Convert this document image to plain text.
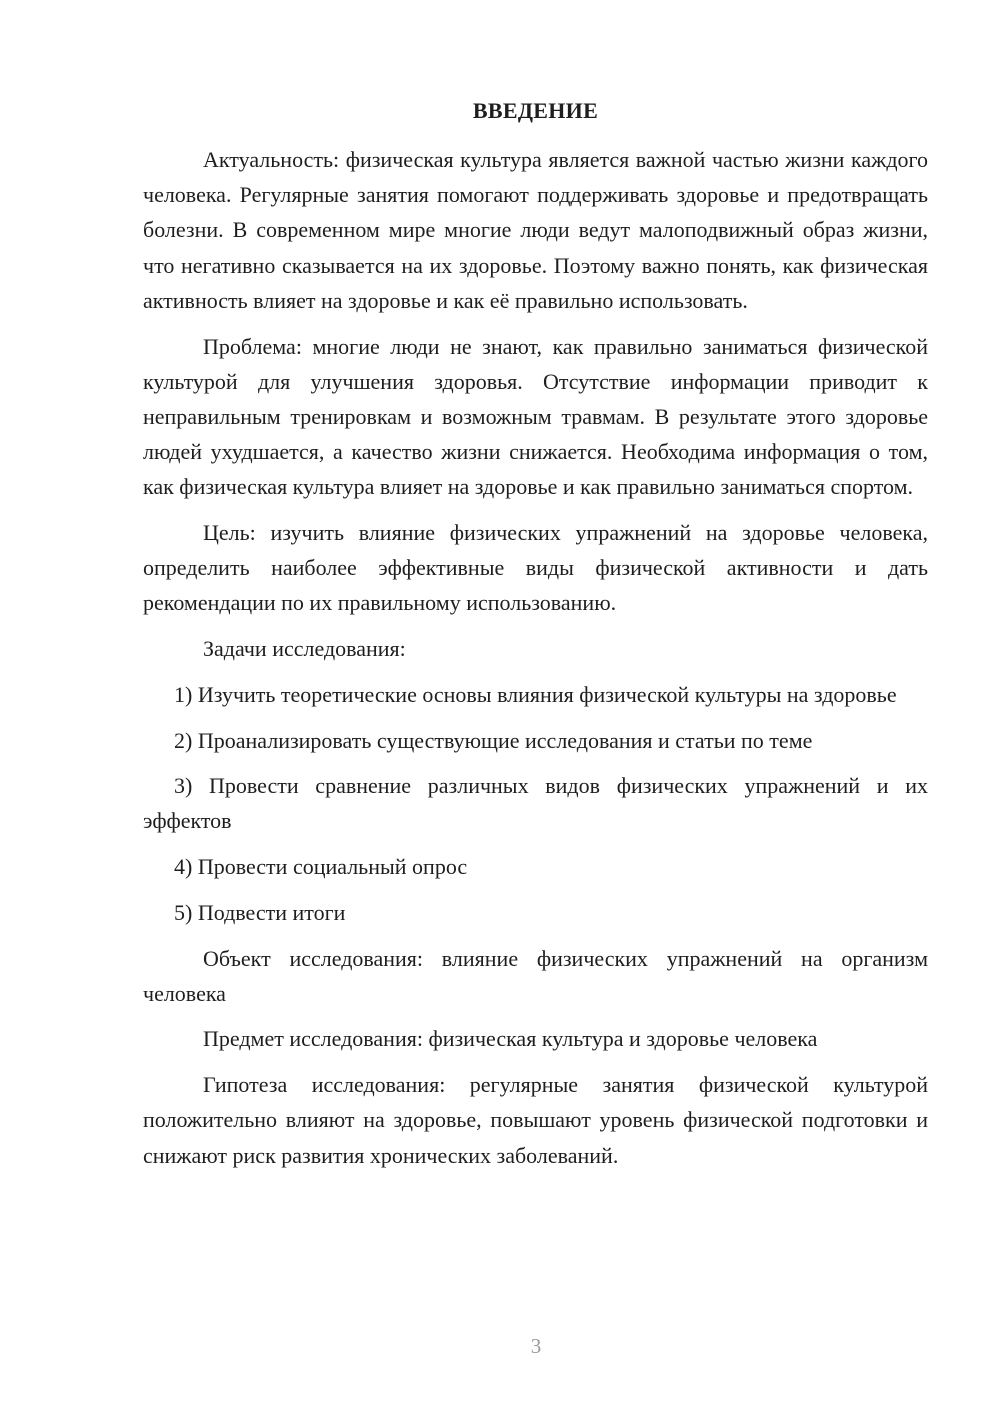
ВВЕДЕНИЕ

Актуальность: физическая культура является важной частью жизни каждого человека. Регулярные занятия помогают поддерживать здоровье и предотвращать болезни. В современном мире многие люди ведут малоподвижный образ жизни, что негативно сказывается на их здоровье. Поэтому важно понять, как физическая активность влияет на здоровье и как её правильно использовать.

Проблема: многие люди не знают, как правильно заниматься физической культурой для улучшения здоровья. Отсутствие информации приводит к неправильным тренировкам и возможным травмам. В результате этого здоровье людей ухудшается, а качество жизни снижается. Необходима информация о том, как физическая культура влияет на здоровье и как правильно заниматься спортом.

Цель: изучить влияние физических упражнений на здоровье человека, определить наиболее эффективные виды физической активности и дать рекомендации по их правильному использованию.

Задачи исследования:

1) Изучить теоретические основы влияния физической культуры на здоровье

2) Проанализировать существующие исследования и статьи по теме

3) Провести сравнение различных видов физических упражнений и их эффектов

4) Провести социальный опрос

5) Подвести итоги

Объект исследования: влияние физических упражнений на организм человека

Предмет исследования: физическая культура и здоровье человека

Гипотеза исследования: регулярные занятия физической культурой положительно влияют на здоровье, повышают уровень физической подготовки и снижают риск развития хронических заболеваний.

3
